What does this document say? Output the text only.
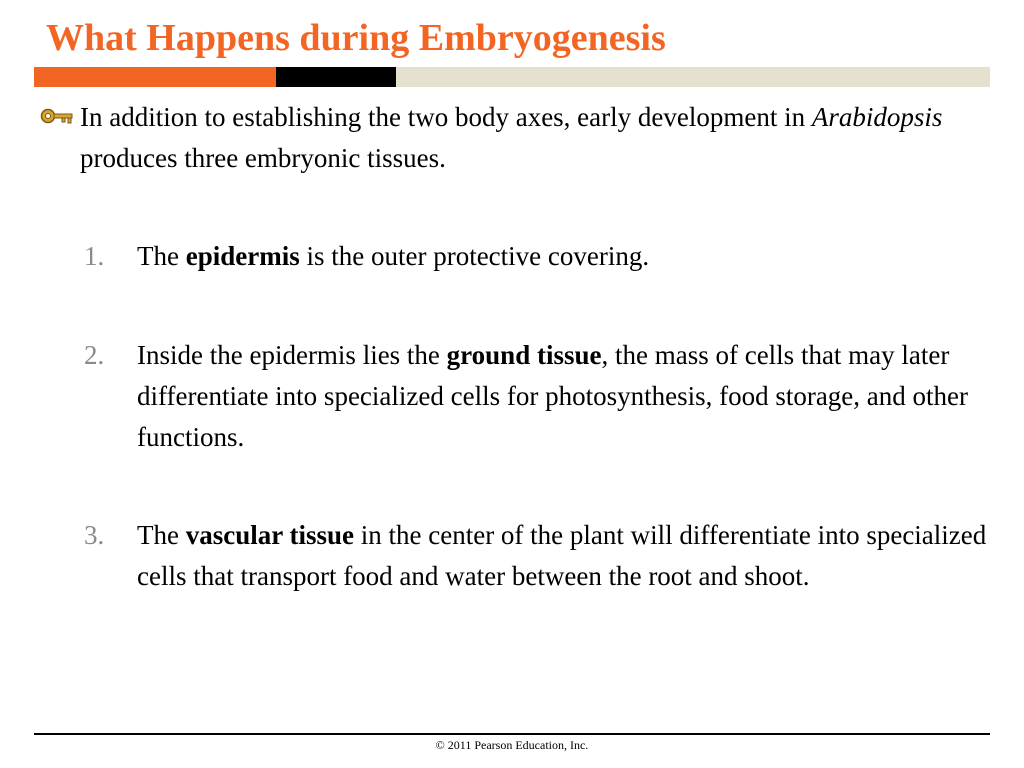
What Happens during Embryogenesis
In addition to establishing the two body axes, early development in Arabidopsis produces three embryonic tissues.
1.	The epidermis is the outer protective covering.
2.	Inside the epidermis lies the ground tissue, the mass of cells that may later differentiate into specialized cells for photosynthesis, food storage, and other functions.
3.	The vascular tissue in the center of the plant will differentiate into specialized cells that transport food and water between the root and shoot.
© 2011 Pearson Education, Inc.
